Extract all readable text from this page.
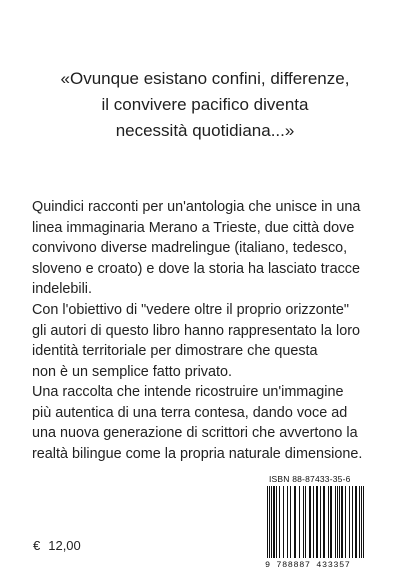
«Ovunque esistano confini, differenze,
il convivere pacifico diventa
necessità quotidiana...»
Quindici racconti per un'antologia che unisce in una
linea immaginaria Merano a Trieste, due città dove
convivono diverse madrelingue (italiano, tedesco,
sloveno e croato) e dove la storia ha lasciato tracce
indelebili.
Con l'obiettivo di "vedere oltre il proprio orizzonte"
gli autori di questo libro hanno rappresentato la loro
identità territoriale per dimostrare che questa
non è un semplice fatto privato.
Una raccolta che intende ricostruire un'immagine
più autentica di una terra contesa, dando voce ad
una nuova generazione di scrittori che avvertono la
realtà bilingue come la propria naturale dimensione.
ISBN 88-87433-35-6
9 788887 433357
€ 12,00
